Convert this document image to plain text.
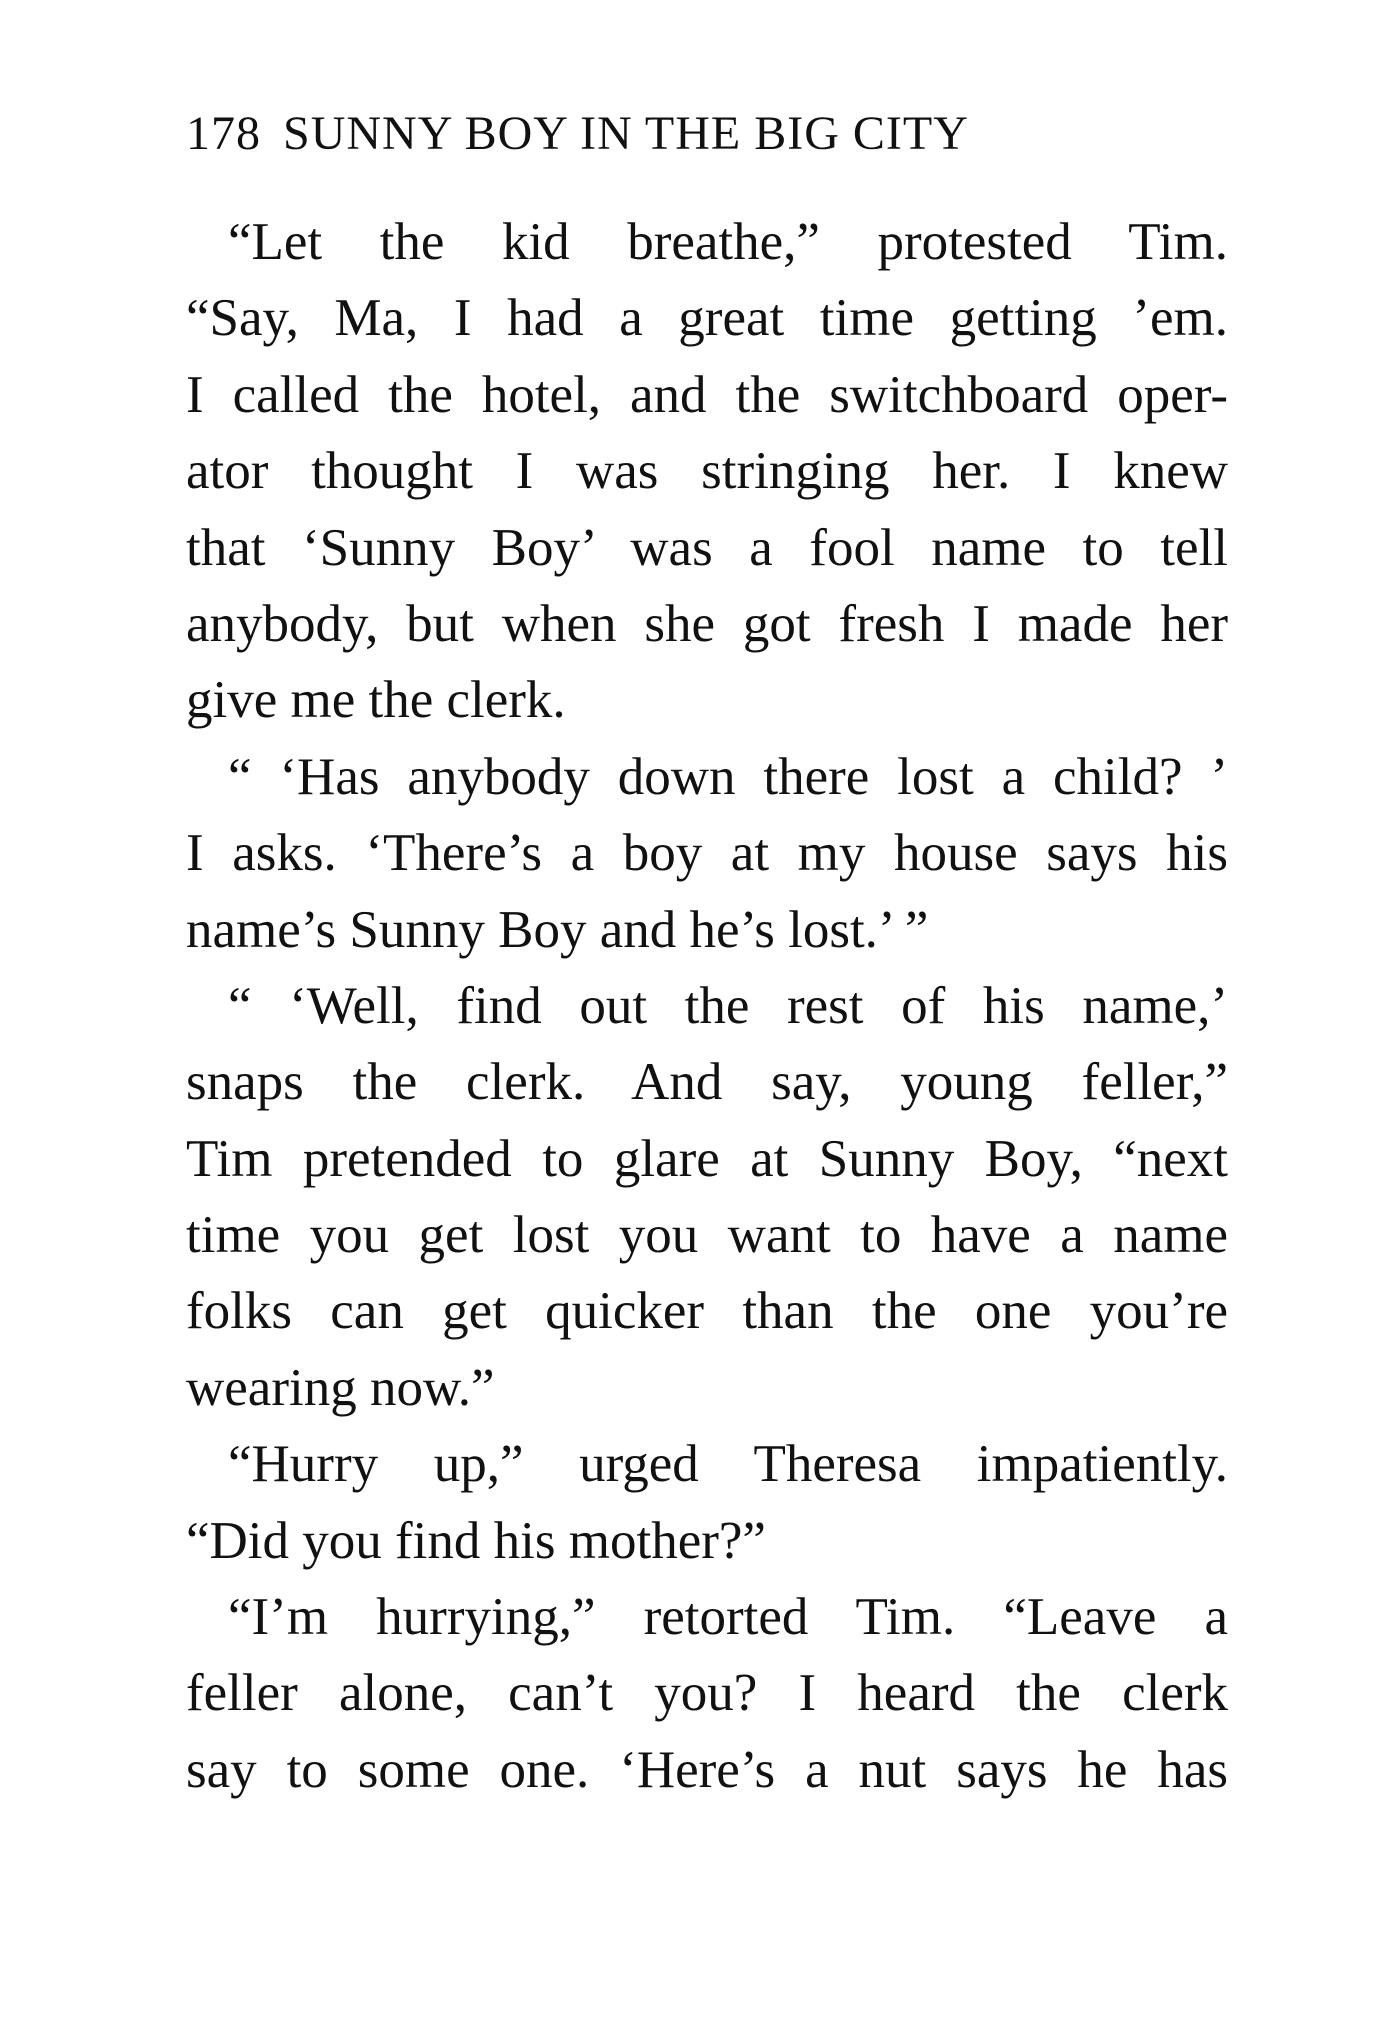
178 SUNNY BOY IN THE BIG CITY
“Let the kid breathe,” protested Tim.
“Say, Ma, I had a great time getting ’em.
I called the hotel, and the switchboard oper-
ator thought I was stringing her. I knew
that ‘Sunny Boy’ was a fool name to tell
anybody, but when she got fresh I made her
give me the clerk.
“ ‘Has anybody down there lost a child? ’
I asks. ‘There’s a boy at my house says his
name’s Sunny Boy and he’s lost.’ ”
“ ‘Well, find out the rest of his name,’
snaps the clerk. And say, young feller,”
Tim pretended to glare at Sunny Boy, “next
time you get lost you want to have a name
folks can get quicker than the one you’re
wearing now.”
“Hurry up,” urged Theresa impatiently.
“Did you find his mother?”
“I’m hurrying,” retorted Tim. “Leave a
feller alone, can’t you? I heard the clerk
say to some one. ‘Here’s a nut says he has
